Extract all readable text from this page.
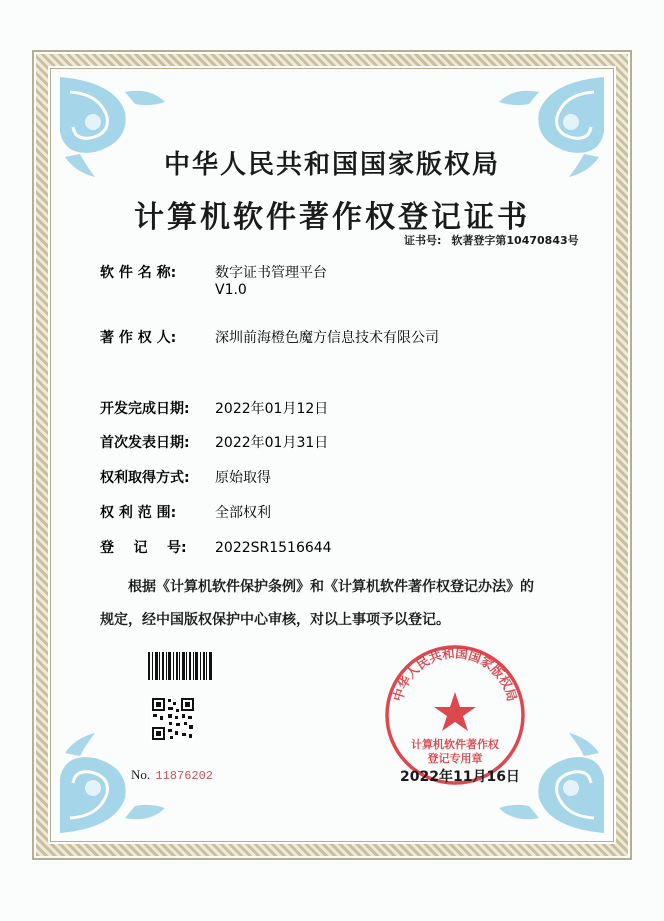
中华人民共和国国家版权局
计算机软件著作权登记证书
证书号: 软著登字第10470843号
软 件 名 称:	数字证书管理平台
V1.0
著 作 权 人:	深圳前海橙色魔方信息技术有限公司
开发完成日期: 2022年01月12日
首次发表日期: 2022年01月31日
权利取得方式: 原始取得
权 利 范 围:	全部权利
登    记    号: 2022SR1516644
根据《计算机软件保护条例》和《计算机软件著作权登记办法》的
规定，经中国版权保护中心审核，对以上事项予以登记。
No. 11876202
中华人民共和国国家版权局
计算机软件著作权
登记专用章
2022年11月16日
